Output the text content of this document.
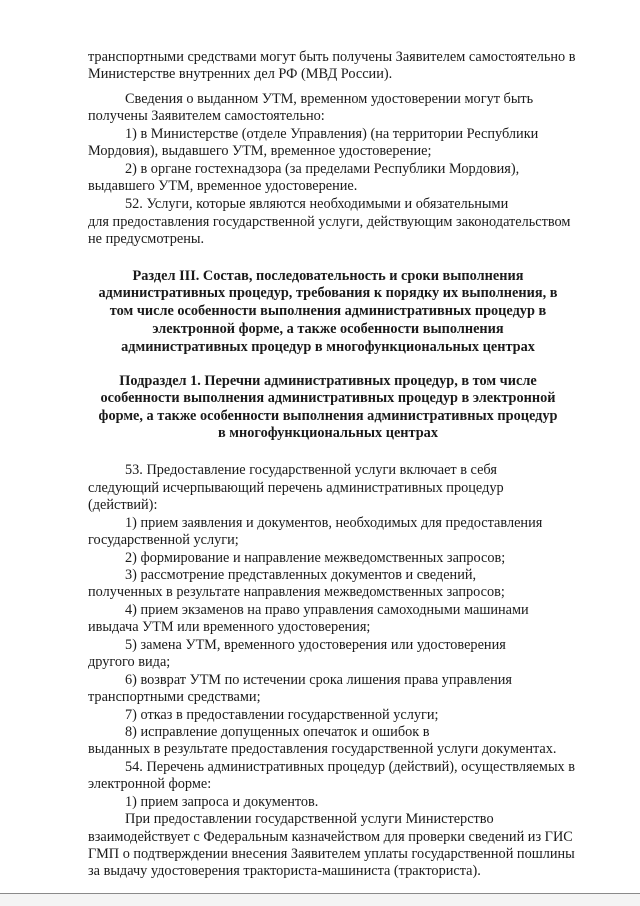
транспортными средствами могут быть получены Заявителем самостоятельно в
Министерстве внутренних дел РФ (МВД России).
Сведения о выданном УТМ, временном удостоверении могут быть
получены Заявителем самостоятельно:
1) в Министерстве (отделе Управления) (на территории Республики
Мордовия), выдавшего УТМ, временное удостоверение;
2) в органе гостехнадзора (за пределами Республики Мордовия),
выдавшего УТМ, временное удостоверение.
52. Услуги, которые являются необходимыми и обязательными
для предоставления государственной услуги, действующим законодательством
не предусмотрены.
Раздел III. Состав, последовательность и сроки выполнения
административных процедур, требования к порядку их выполнения, в
том числе особенности выполнения административных процедур в
электронной форме, а также особенности выполнения
административных процедур в многофункциональных центрах
Подраздел 1. Перечни административных процедур, в том числе
особенности выполнения административных процедур в электронной
форме, а также особенности выполнения административных процедур
в многофункциональных центрах
53. Предоставление государственной услуги включает в себя
следующий исчерпывающий перечень административных процедур
(действий):
1) прием заявления и документов, необходимых для предоставления
государственной услуги;
2) формирование и направление межведомственных запросов;
3) рассмотрение представленных документов и сведений,
полученных в результате направления межведомственных запросов;
4) прием экзаменов на право управления самоходными машинами
ивыдача УТМ или временного удостоверения;
5) замена УТМ, временного удостоверения или удостоверения
другого вида;
6) возврат УТМ по истечении срока лишения права управления
транспортными средствами;
7) отказ в предоставлении государственной услуги;
8) исправление допущенных опечаток и ошибок в
выданных в результате предоставления государственной услуги документах.
54. Перечень административных процедур (действий), осуществляемых в
электронной форме:
1) прием запроса и документов.
При предоставлении государственной услуги Министерство
взаимодействует с Федеральным казначейством для проверки сведений из ГИС
ГМП о подтверждении внесения Заявителем уплаты государственной пошлины
за выдачу удостоверения тракториста-машиниста (тракториста).
